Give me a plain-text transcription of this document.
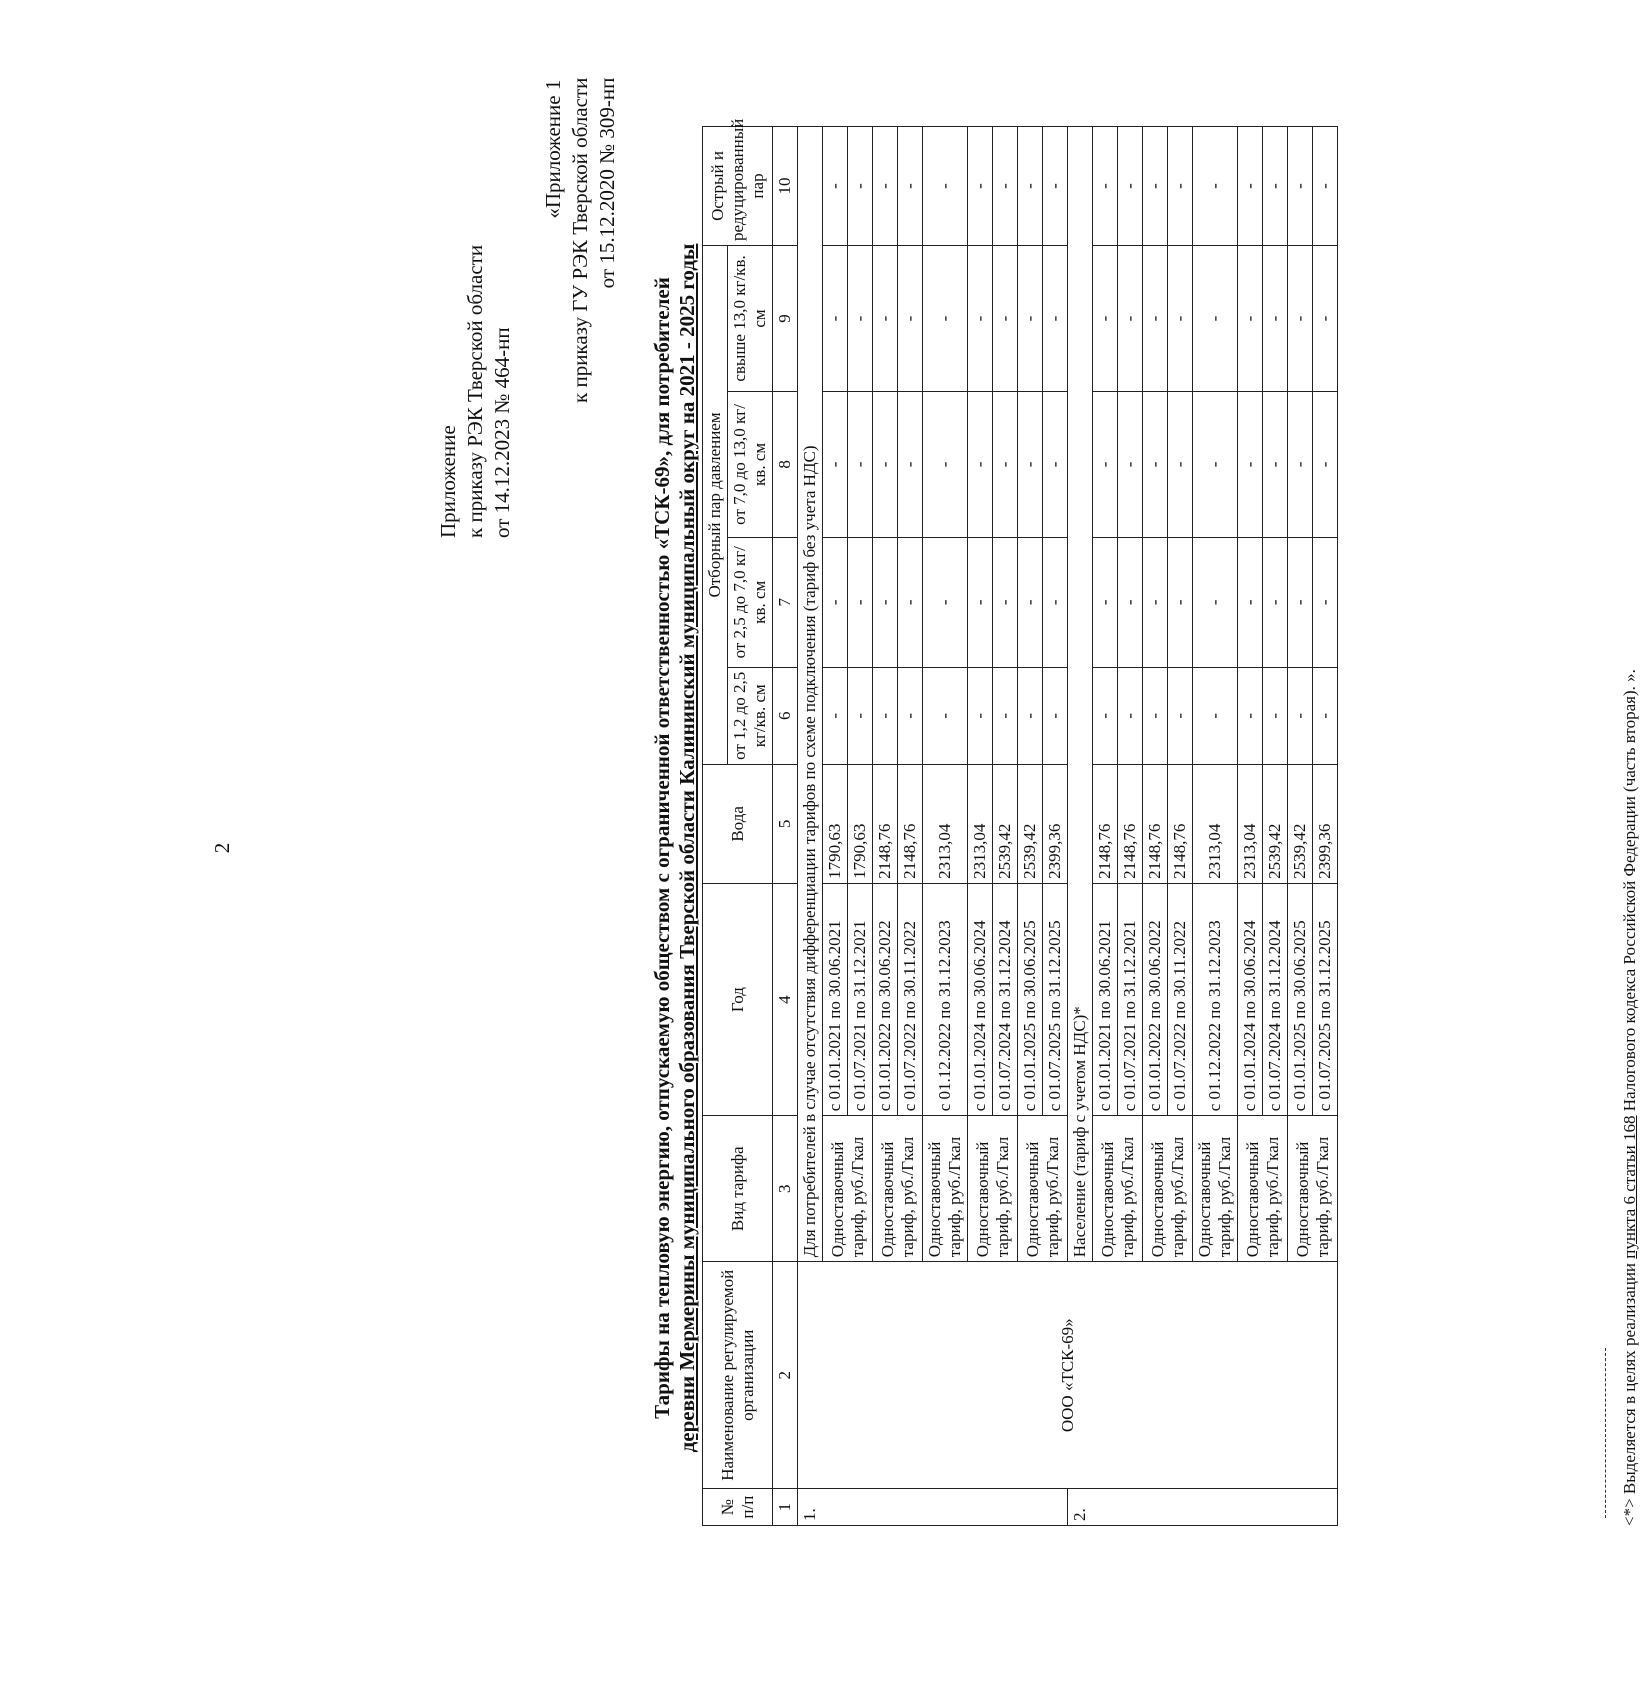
2
Приложение к приказу РЭК Тверской области от 14.12.2023 № 464-нп
«Приложение 1 к приказу ГУ РЭК Тверской области от 15.12.2020 № 309-нп
Тарифы на тепловую энергию, отпускаемую обществом с ограниченной ответственностью «ТСК-69», для потребителей деревни Мермерины муниципального образования Тверской области Калининский муниципальный округ на 2021 - 2025 годы
№ п/п	Наименование регулируемой организации	Вид тарифа	Год	Вода	Отборный пар давлением				Острый и редуцированный пар
					от 1,2 до 2,5 кг/кв. см	от 2,5 до 7,0 кг/кв. см	от 7,0 до 13,0 кг/кв. см	свыше 13,0 кг/кв. см	
1	2	3	4	5	6	7	8	9	10
1.	ООО «ТСК-69»	Для потребителей в случае отсутствия дифференциации тарифов по схеме подключения (тариф без учета НДС)							
		Одноставочный тариф, руб./Гкал	с 01.01.2021 по 30.06.2021	1790,63	-	-	-	-	-
			с 01.07.2021 по 31.12.2021	1790,63	-	-	-	-	-
		Одноставочный тариф, руб./Гкал	с 01.01.2022 по 30.06.2022	2148,76	-	-	-	-	-
			с 01.07.2022 по 30.11.2022	2148,76	-	-	-	-	-
		Одноставочный тариф, руб./Гкал	с 01.12.2022 по 31.12.2023	2313,04	-	-	-	-	-
		Одноставочный тариф, руб./Гкал	с 01.01.2024 по 30.06.2024	2313,04	-	-	-	-	-
			с 01.07.2024 по 31.12.2024	2539,42	-	-	-	-	-
		Одноставочный тариф, руб./Гкал	с 01.01.2025 по 30.06.2025	2539,42	-	-	-	-	-
			с 01.07.2025 по 31.12.2025	2399,36	-	-	-	-	-
2.		Население (тариф с учетом НДС)*							
		Одноставочный тариф, руб./Гкал	с 01.01.2021 по 30.06.2021	2148,76	-	-	-	-	-
			с 01.07.2021 по 31.12.2021	2148,76	-	-	-	-	-
		Одноставочный тариф, руб./Гкал	с 01.01.2022 по 30.06.2022	2148,76	-	-	-	-	-
			с 01.07.2022 по 30.11.2022	2148,76	-	-	-	-	-
		Одноставочный тариф, руб./Гкал	с 01.12.2022 по 31.12.2023	2313,04	-	-	-	-	-
		Одноставочный тариф, руб./Гкал	с 01.01.2024 по 30.06.2024	2313,04	-	-	-	-	-
			с 01.07.2024 по 31.12.2024	2539,42	-	-	-	-	-
		Одноставочный тариф, руб./Гкал	с 01.01.2025 по 30.06.2025	2539,42	-	-	-	-	-
			с 01.07.2025 по 31.12.2025	2399,36	-	-	-	-	-
<*> Выделяется в целях реализации пункта 6 статьи 168 Налогового кодекса Российской Федерации (часть вторая). ».
